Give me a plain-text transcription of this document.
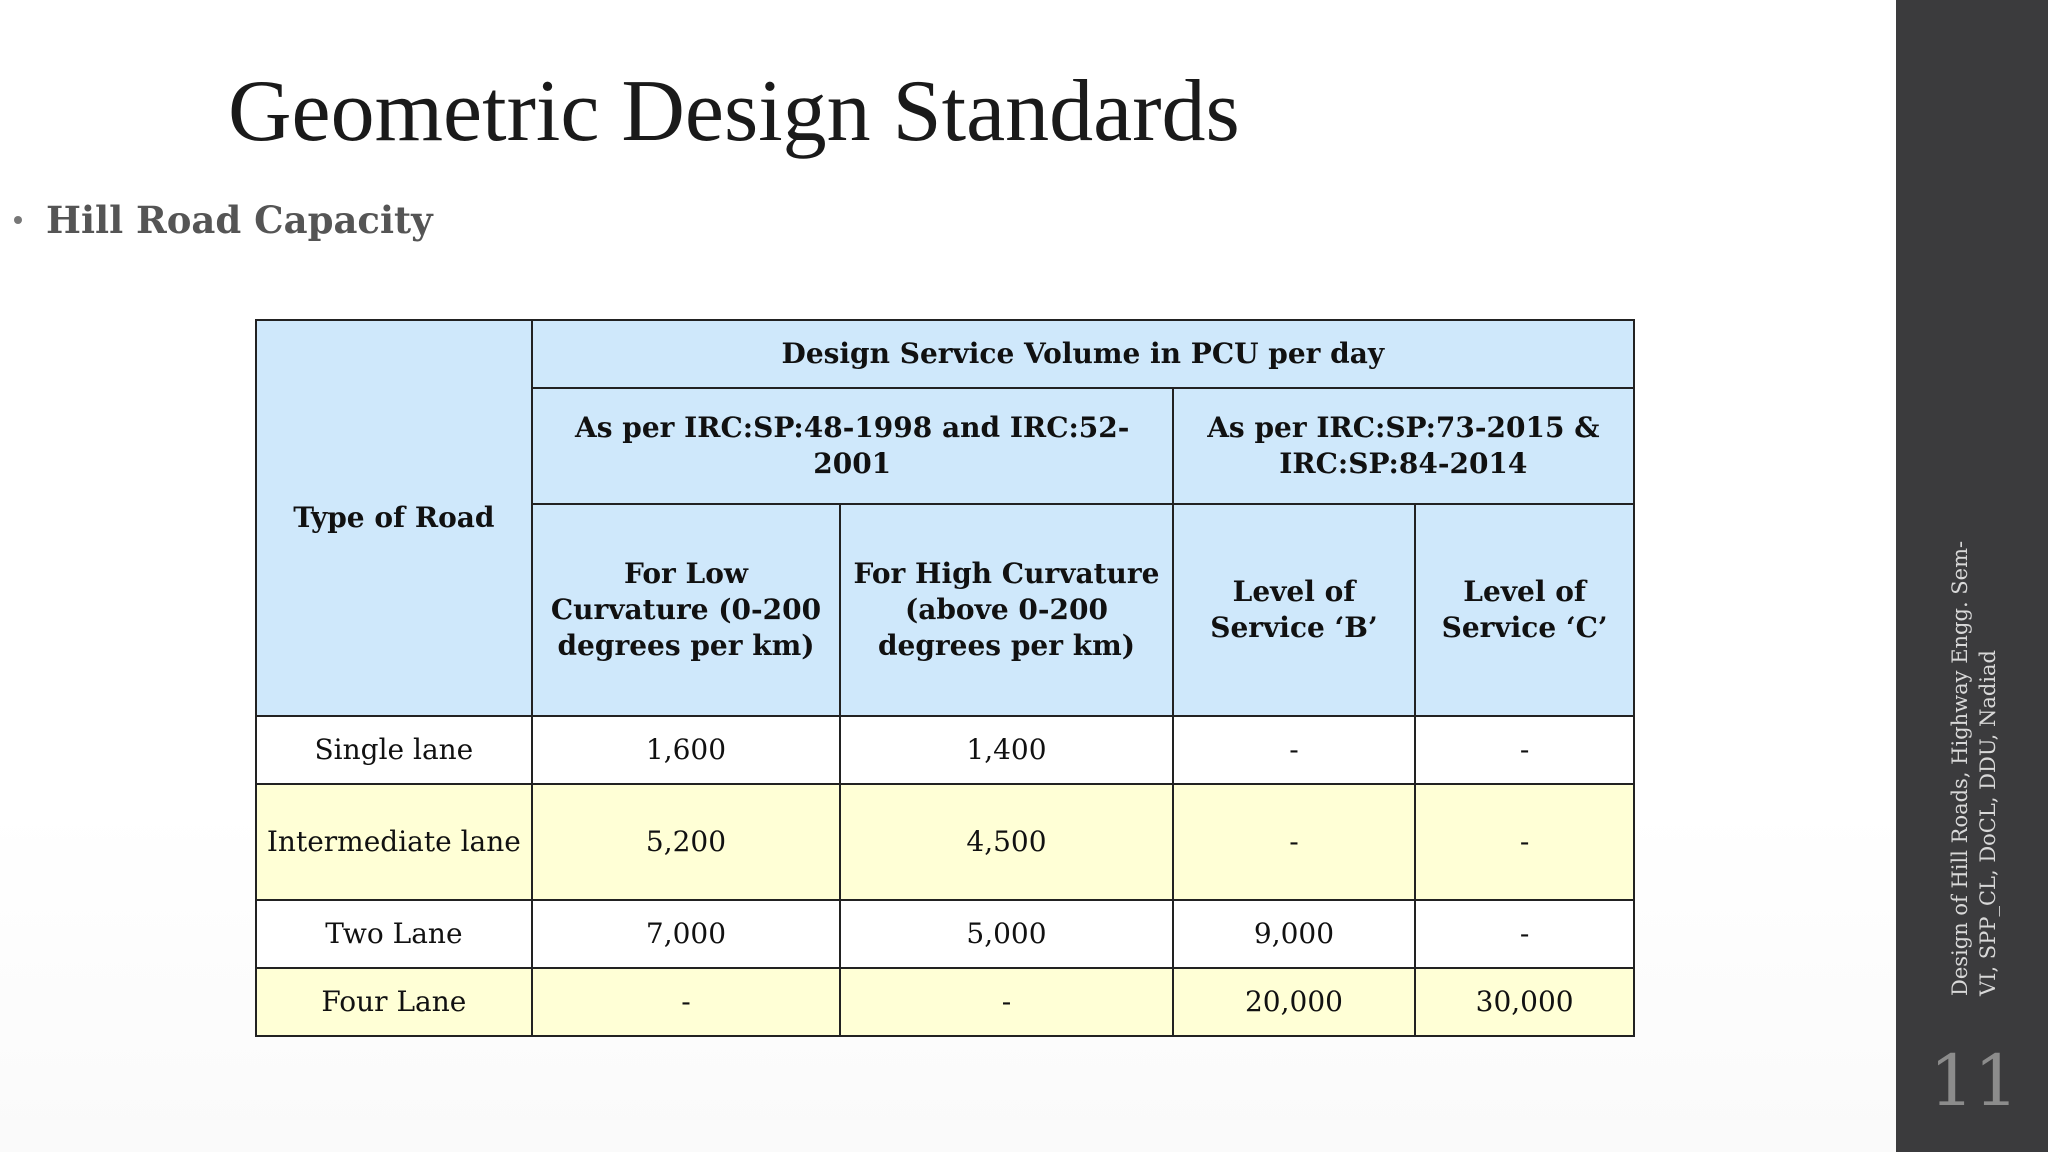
Geometric Design Standards
Hill Road Capacity
Type of Road	Design Service Volume in PCU per day			
	As per IRC:SP:48-1998 and IRC:52- 2001		As per IRC:SP:73-2015 & IRC:SP:84-2014	
	For Low Curvature (0-200 degrees per km)	For High Curvature (above 0-200 degrees per km)	Level of Service ‘B’	Level of Service ‘C’
Single lane	1,600	1,400	-	-
Intermediate lane	5,200	4,500	-	-
Two Lane	7,000	5,000	9,000	-
Four Lane	-	-	20,000	30,000
Design of Hill Roads, Highway Engg. Sem-VI, SPP_CL, DoCL, DDU, Nadiad
11
